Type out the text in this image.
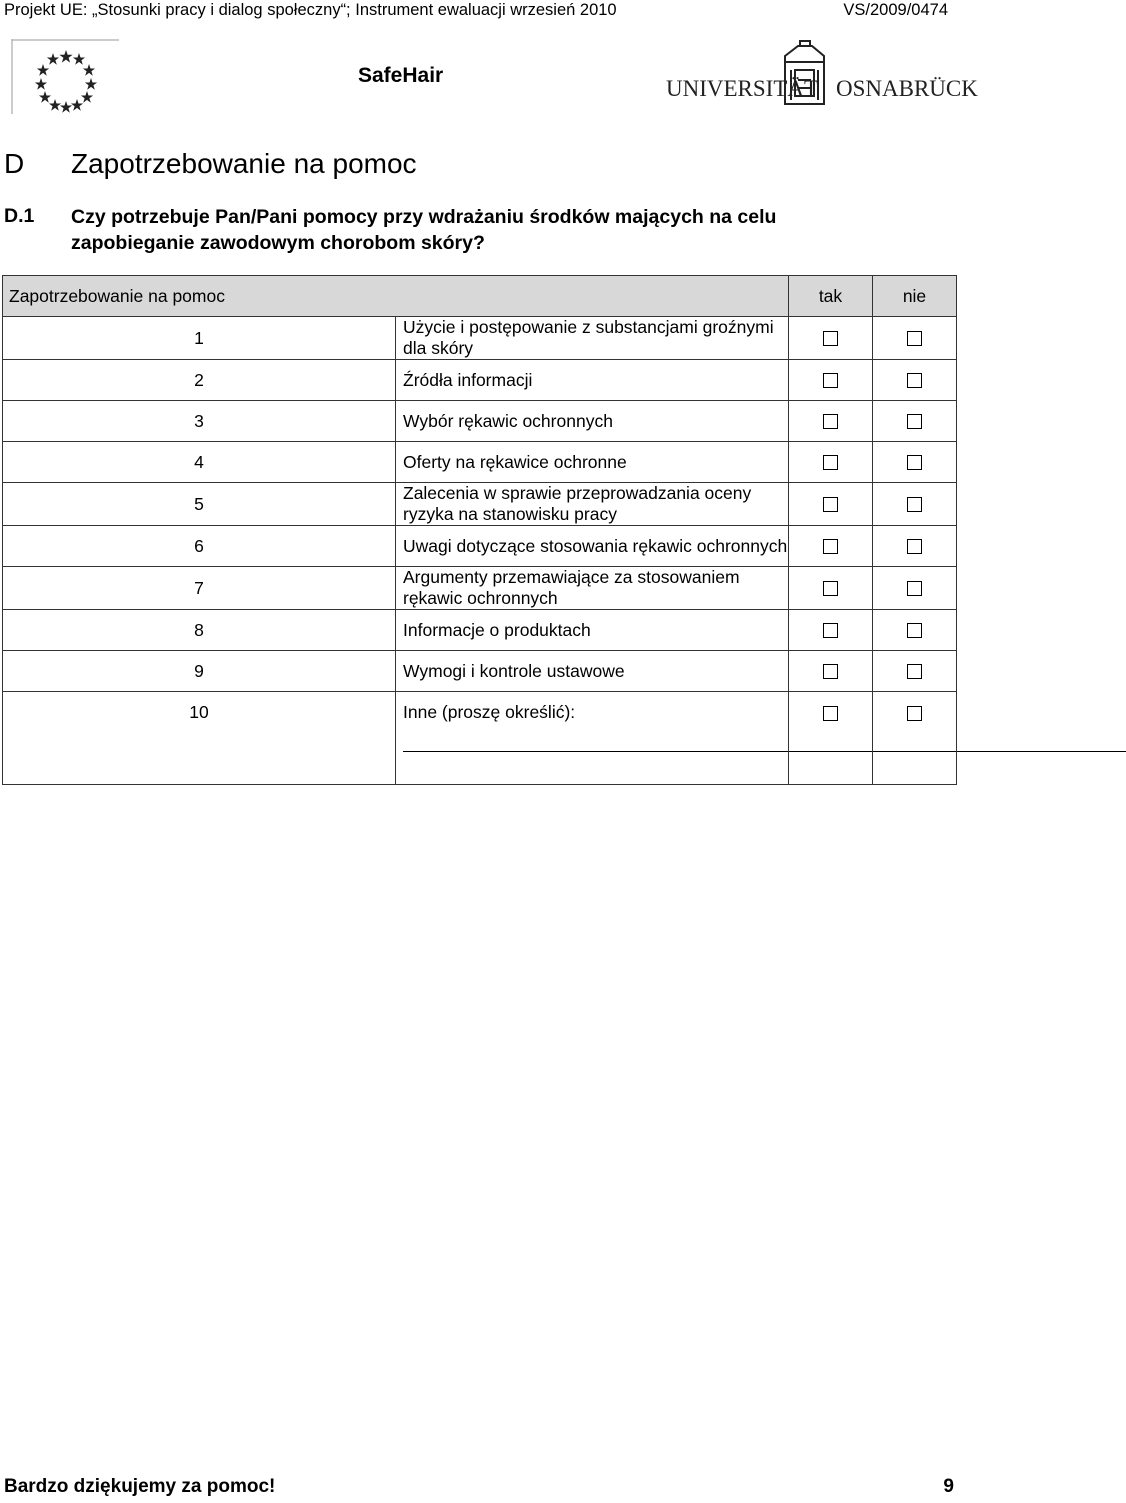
Projekt UE: „Stosunki pracy i dialog społeczny“; Instrument ewaluacji wrzesień 2010	VS/2009/0474
SafeHair
UNIVERSITÄT OSNABRÜCK
D Zapotrzebowanie na pomoc
D.1 Czy potrzebuje Pan/Pani pomocy przy wdrażaniu środków mających na celu zapobieganie zawodowym chorobom skóry?
Zapotrzebowanie na pomoc		tak	nie
1	Użycie i postępowanie z substancjami groźnymi dla skóry		
2	Źródła informacji		
3	Wybór rękawic ochronnych		
4	Oferty na rękawice ochronne		
5	Zalecenia w sprawie przeprowadzania oceny ryzyka na stanowisku pracy		
6	Uwagi dotyczące stosowania rękawic ochronnych		
7	Argumenty przemawiające za stosowaniem rękawic ochronnych		
8	Informacje o produktach		
9	Wymogi i kontrole ustawowe		
10	Inne (proszę określić):

Bardzo dziękujemy za pomoc!	9
